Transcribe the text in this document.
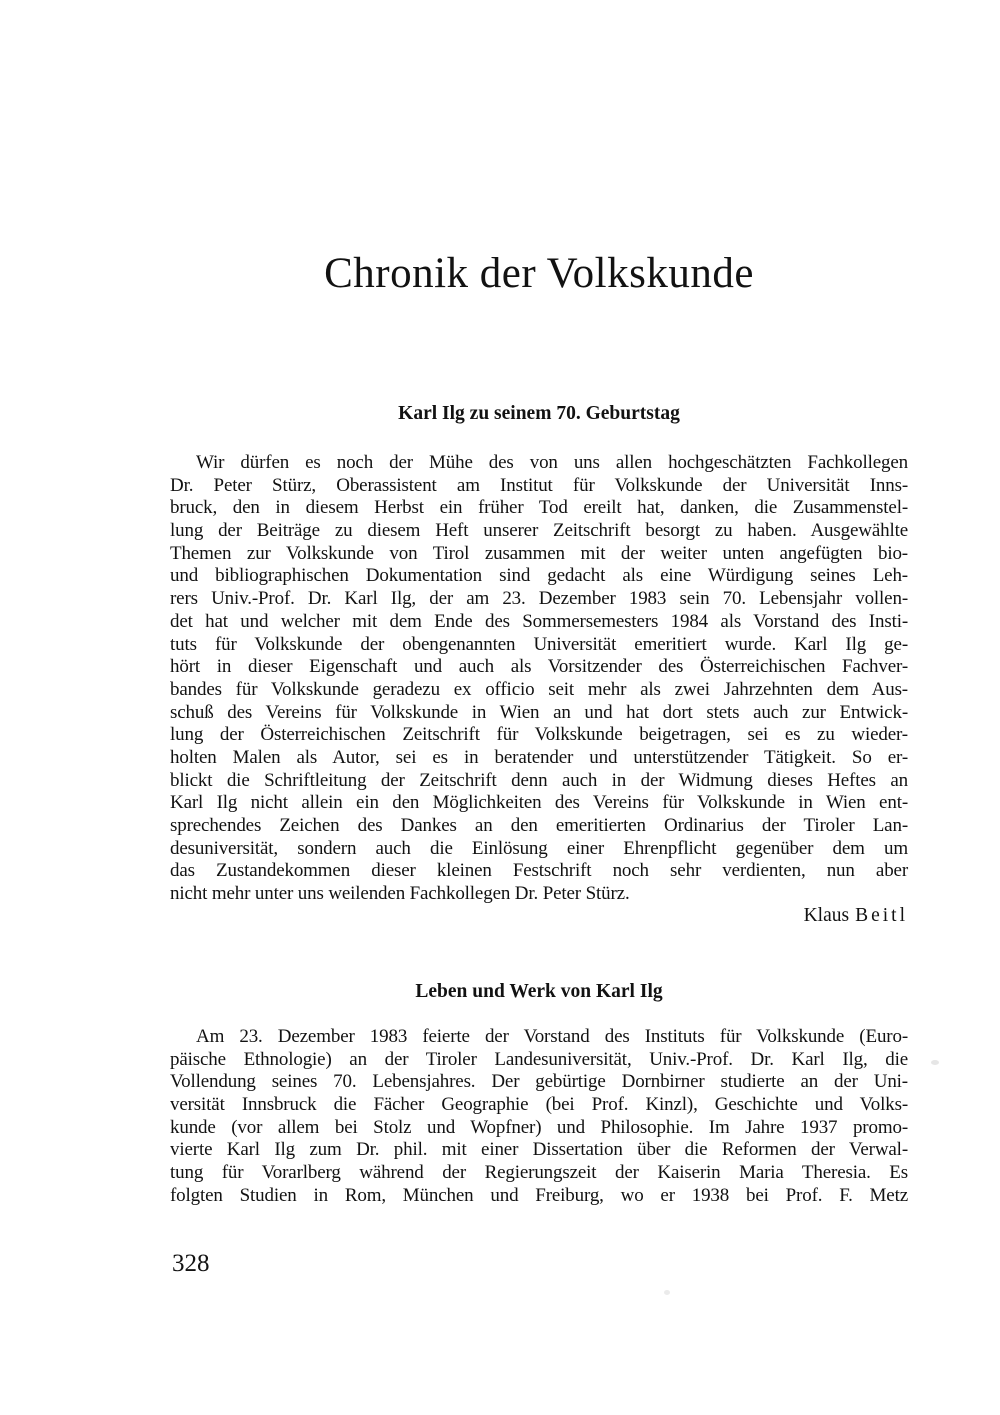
Chronik der Volkskunde
Karl Ilg zu seinem 70. Geburtstag
Wir dürfen es noch der Mühe des von uns allen hochgeschätzten Fachkollegen
Dr. Peter Stürz, Oberassistent am Institut für Volkskunde der Universität Inns-
bruck, den in diesem Herbst ein früher Tod ereilt hat, danken, die Zusammenstel-
lung der Beiträge zu diesem Heft unserer Zeitschrift besorgt zu haben. Ausgewählte
Themen zur Volkskunde von Tirol zusammen mit der weiter unten angefügten bio-
und bibliographischen Dokumentation sind gedacht als eine Würdigung seines Leh-
rers Univ.-Prof. Dr. Karl Ilg, der am 23. Dezember 1983 sein 70. Lebensjahr vollen-
det hat und welcher mit dem Ende des Sommersemesters 1984 als Vorstand des Insti-
tuts für Volkskunde der obengenannten Universität emeritiert wurde. Karl Ilg ge-
hört in dieser Eigenschaft und auch als Vorsitzender des Österreichischen Fachver-
bandes für Volkskunde geradezu ex officio seit mehr als zwei Jahrzehnten dem Aus-
schuß des Vereins für Volkskunde in Wien an und hat dort stets auch zur Entwick-
lung der Österreichischen Zeitschrift für Volkskunde beigetragen, sei es zu wieder-
holten Malen als Autor, sei es in beratender und unterstützender Tätigkeit. So er-
blickt die Schriftleitung der Zeitschrift denn auch in der Widmung dieses Heftes an
Karl Ilg nicht allein ein den Möglichkeiten des Vereins für Volkskunde in Wien ent-
sprechendes Zeichen des Dankes an den emeritierten Ordinarius der Tiroler Lan-
desuniversität, sondern auch die Einlösung einer Ehrenpflicht gegenüber dem um
das Zustandekommen dieser kleinen Festschrift noch sehr verdienten, nun aber
nicht mehr unter uns weilenden Fachkollegen Dr. Peter Stürz.
Klaus Beitl
Leben und Werk von Karl Ilg
Am 23. Dezember 1983 feierte der Vorstand des Instituts für Volkskunde (Euro-
päische Ethnologie) an der Tiroler Landesuniversität, Univ.-Prof. Dr. Karl Ilg, die
Vollendung seines 70. Lebensjahres. Der gebürtige Dornbirner studierte an der Uni-
versität Innsbruck die Fächer Geographie (bei Prof. Kinzl), Geschichte und Volks-
kunde (vor allem bei Stolz und Wopfner) und Philosophie. Im Jahre 1937 promo-
vierte Karl Ilg zum Dr. phil. mit einer Dissertation über die Reformen der Verwal-
tung für Vorarlberg während der Regierungszeit der Kaiserin Maria Theresia. Es
folgten Studien in Rom, München und Freiburg, wo er 1938 bei Prof. F. Metz
328
